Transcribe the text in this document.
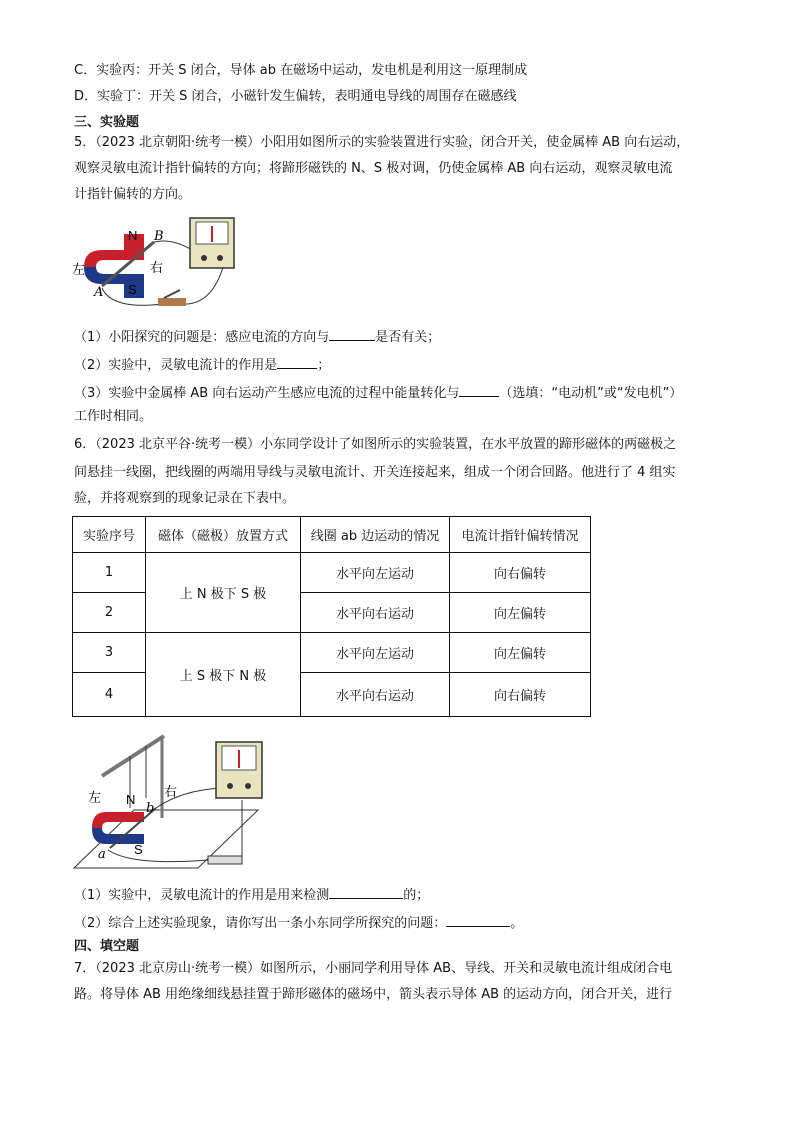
C．实验丙：开关 S 闭合，导体 ab 在磁场中运动，发电机是利用这一原理制成
D．实验丁：开关 S 闭合，小磁针发生偏转，表明通电导线的周围存在磁感线
三、实验题
5．（2023 北京朝阳·统考一模）小阳用如图所示的实验装置进行实验，闭合开关，使金属棒 AB 向右运动，
观察灵敏电流计指针偏转的方向；将蹄形磁铁的 N、S 极对调，仍使金属棒 AB 向右运动，观察灵敏电流
计指针偏转的方向。
N
S
左	右
A
B
（1）小阳探究的问题是：感应电流的方向与	是否有关；
（2）实验中，灵敏电流计的作用是	；
（3）实验中金属棒 AB 向右运动产生感应电流的过程中能量转化与	（选填：“电动机”或“发电机”）
工作时相同。
6．（2023 北京平谷·统考一模）小东同学设计了如图所示的实验装置，在水平放置的蹄形磁体的两磁极之
间悬挂一线圈，把线圈的两端用导线与灵敏电流计、开关连接起来，组成一个闭合回路。他进行了 4 组实
验，并将观察到的现象记录在下表中。
实验序号	磁体（磁极）放置方式	线圈 ab 边运动的情况	电流计指针偏转情况
1	上 N 极下 S 极	水平向左运动	向右偏转
2		水平向右运动	向左偏转
3	上 S 极下 N 极	水平向左运动	向左偏转
4		水平向右运动	向右偏转
N
S
左	右
a
b
（1）实验中，灵敏电流计的作用是用来检测	的；
（2）综合上述实验现象，请你写出一条小东同学所探究的问题：	。
四、填空题
7．（2023 北京房山·统考一模）如图所示，小丽同学利用导体 AB、导线、开关和灵敏电流计组成闭合电
路。将导体 AB 用绝缘细线悬挂置于蹄形磁体的磁场中，箭头表示导体 AB 的运动方向，闭合开关，进行
